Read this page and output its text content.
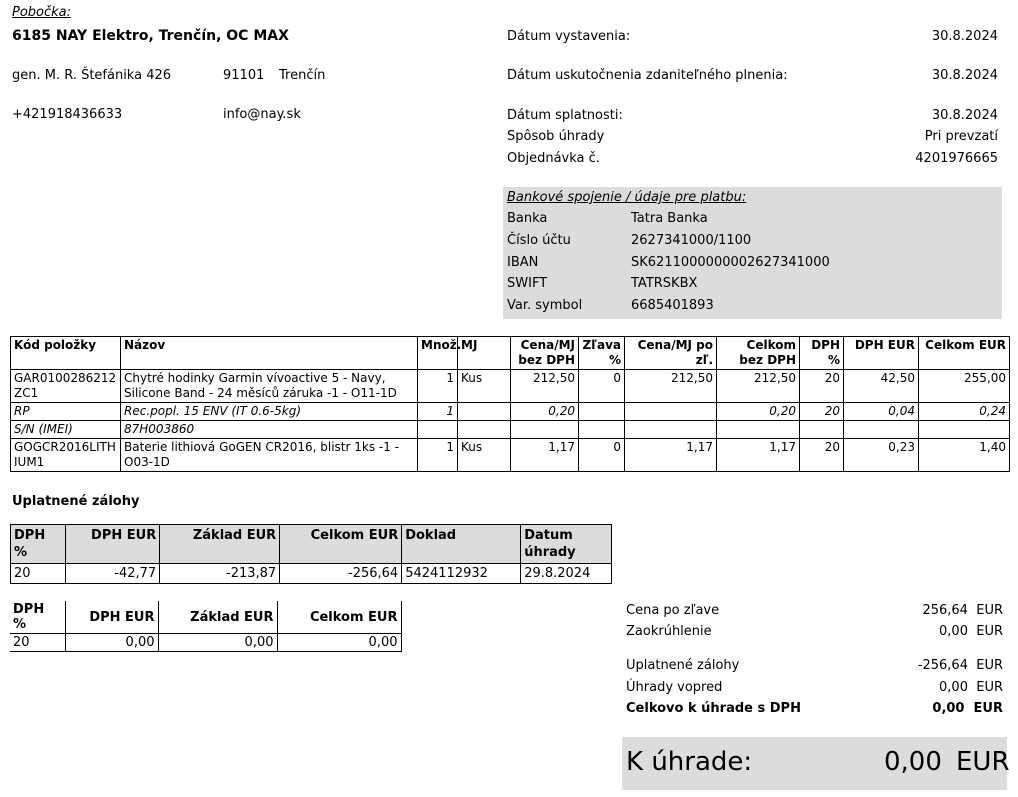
Pobočka:
6185 NAY Elektro, Trenčín, OC MAX
gen. M. R. Štefánika 426	91101 Trenčín
+421918436633	info@nay.sk
Dátum vystavenia:	30.8.2024
Dátum uskutočnenia zdaniteľného plnenia:	30.8.2024
Dátum splatnosti:	30.8.2024
Spôsob úhrady	Pri prevzatí
Objednávka č.	4201976665
Bankové spojenie / údaje pre platbu:
Banka	Tatra Banka
Číslo účtu	2627341000/1100
IBAN	SK6211000000002627341000
SWIFT	TATRSKBX
Var. symbol	6685401893
Kód položky	Názov	Množ.	MJ	Cena/MJ bez DPH	Zľava %	Cena/MJ po zľ.	Celkom bez DPH	DPH %	DPH EUR	Celkom EUR
GAR0100286212ZC1	Chytré hodinky Garmin vívoactive 5 - Navy, Silicone Band - 24 měsíců záruka -1 - O11-1D	1	Kus	212,50	0	212,50	212,50	20	42,50	255,00
RP	Rec.popl. 15 ENV (IT 0.6-5kg)	1		0,20			0,20	20	0,04	0,24
S/N (IMEI)	87H003860									
GOGCR2016LITHIUM1	Baterie lithiová GoGEN CR2016, blistr 1ks -1 - O03-1D	1	Kus	1,17	0	1,17	1,17	20	0,23	1,40
Uplatnené zálohy
DPH %	DPH EUR	Základ EUR	Celkom EUR	Doklad	Datum úhrady
20	-42,77	-213,87	-256,64	5424112932	29.8.2024
DPH %	DPH EUR	Základ EUR	Celkom EUR
20	0,00	0,00	0,00
Cena po zľave	256,64 EUR
Zaokrúhlenie	0,00 EUR
Uplatnené zálohy	-256,64 EUR
Úhrady vopred	0,00 EUR
Celkovo k úhrade s DPH	0,00 EUR
K úhrade:	0,00 EUR
